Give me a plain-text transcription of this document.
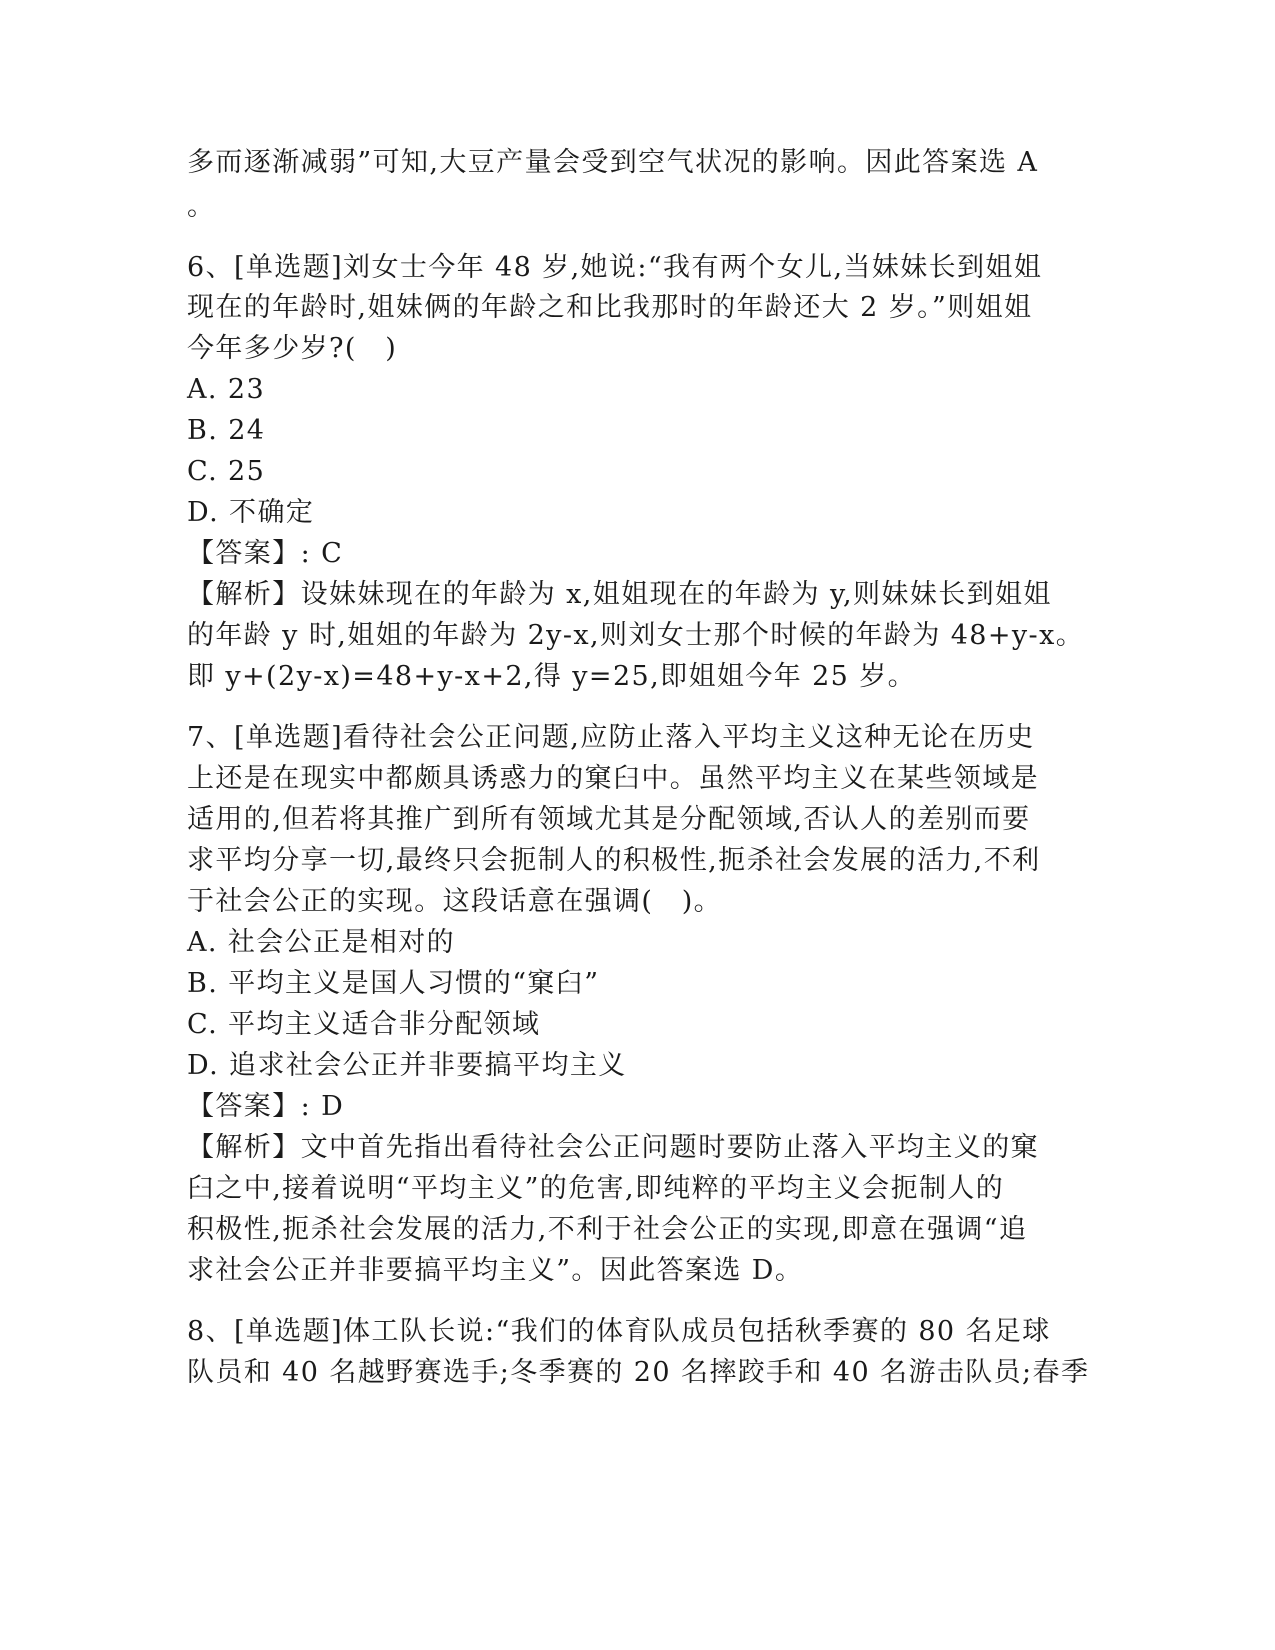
多而逐渐减弱”可知,大豆产量会受到空气状况的影响。因此答案选 A
。
6、[单选题]刘女士今年 48 岁,她说:“我有两个女儿,当妹妹长到姐姐
现在的年龄时,姐妹俩的年龄之和比我那时的年龄还大 2 岁。”则姐姐
今年多少岁?(　)
A. 23
B. 24
C. 25
D. 不确定
【答案】: C
【解析】设妹妹现在的年龄为 x,姐姐现在的年龄为 y,则妹妹长到姐姐
的年龄 y 时,姐姐的年龄为 2y-x,则刘女士那个时候的年龄为 48+y-x。
即 y+(2y-x)=48+y-x+2,得 y=25,即姐姐今年 25 岁。
7、[单选题]看待社会公正问题,应防止落入平均主义这种无论在历史
上还是在现实中都颇具诱惑力的窠臼中。虽然平均主义在某些领域是
适用的,但若将其推广到所有领域尤其是分配领域,否认人的差别而要
求平均分享一切,最终只会扼制人的积极性,扼杀社会发展的活力,不利
于社会公正的实现。这段话意在强调(　)。
A. 社会公正是相对的
B. 平均主义是国人习惯的“窠臼”
C. 平均主义适合非分配领域
D. 追求社会公正并非要搞平均主义
【答案】: D
【解析】文中首先指出看待社会公正问题时要防止落入平均主义的窠
臼之中,接着说明“平均主义”的危害,即纯粹的平均主义会扼制人的
积极性,扼杀社会发展的活力,不利于社会公正的实现,即意在强调“追
求社会公正并非要搞平均主义”。因此答案选 D。
8、[单选题]体工队长说:“我们的体育队成员包括秋季赛的 80 名足球
队员和 40 名越野赛选手;冬季赛的 20 名摔跤手和 40 名游击队员;春季
